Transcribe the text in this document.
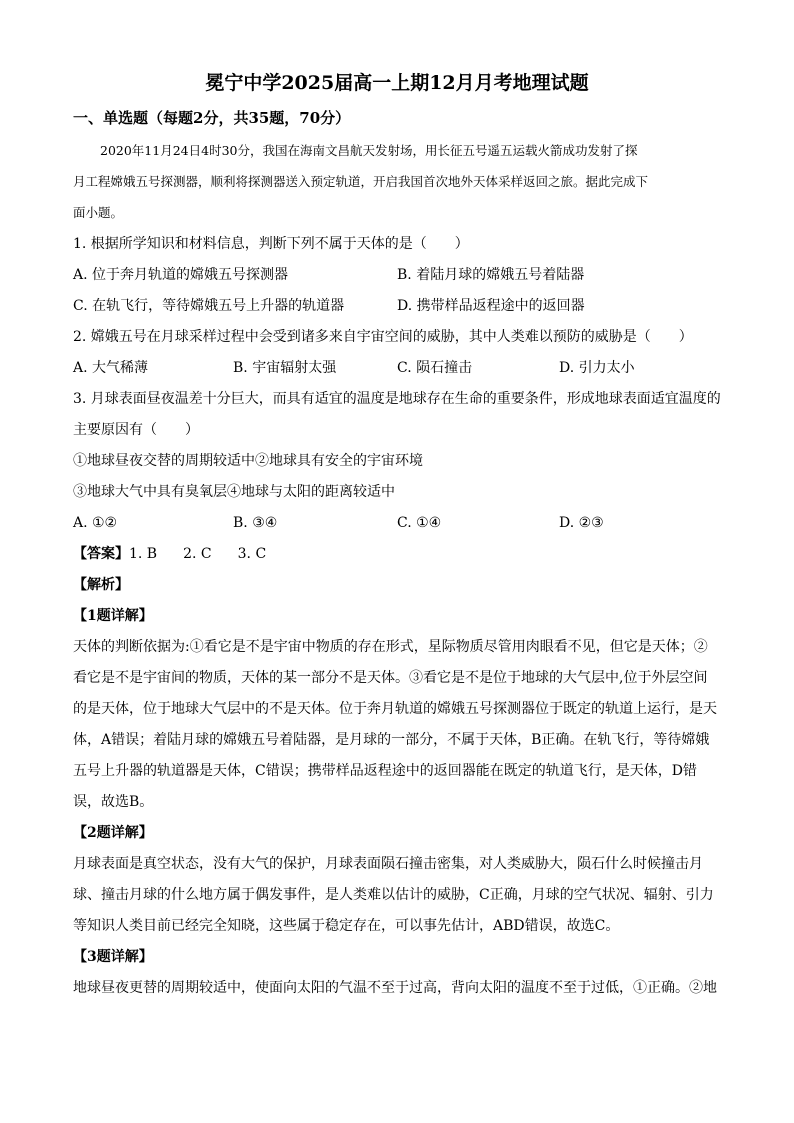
冕宁中学2025届高一上期12月月考地理试题
一、单选题（每题2分，共35题，70分）
2020年11月24日4时30分，我国在海南文昌航天发射场，用长征五号遥五运载火箭成功发射了探
月工程嫦娥五号探测器，顺利将探测器送入预定轨道，开启我国首次地外天体采样返回之旅。据此完成下
面小题。
1. 根据所学知识和材料信息，判断下列不属于天体的是（　　）
A. 位于奔月轨道的嫦娥五号探测器	B. 着陆月球的嫦娥五号着陆器
C. 在轨飞行，等待嫦娥五号上升器的轨道器	D. 携带样品返程途中的返回器
2. 嫦娥五号在月球采样过程中会受到诸多来自宇宙空间的威胁，其中人类难以预防的威胁是（　　）
A. 大气稀薄	B. 宇宙辐射太强	C. 陨石撞击	D. 引力太小
3. 月球表面昼夜温差十分巨大，而具有适宜的温度是地球存在生命的重要条件，形成地球表面适宜温度的
主要原因有（　　）
①地球昼夜交替的周期较适中②地球具有安全的宇宙环境
③地球大气中具有臭氧层④地球与太阳的距离较适中
A. ①②	B. ③④	C. ①④	D. ②③
【答案】1. B 2. C 3. C
【解析】
【1题详解】
天体的判断依据为:①看它是不是宇宙中物质的存在形式，星际物质尽管用肉眼看不见，但它是天体；②
看它是不是宇宙间的物质，天体的某一部分不是天体。③看它是不是位于地球的大气层中,位于外层空间
的是天体，位于地球大气层中的不是天体。位于奔月轨道的嫦娥五号探测器位于既定的轨道上运行，是天
体，A错误；着陆月球的嫦娥五号着陆器，是月球的一部分，不属于天体，B正确。在轨飞行，等待嫦娥
五号上升器的轨道器是天体，C错误；携带样品返程途中的返回器能在既定的轨道飞行，是天体，D错
误，故选B。
【2题详解】
月球表面是真空状态，没有大气的保护，月球表面陨石撞击密集，对人类威胁大，陨石什么时候撞击月
球、撞击月球的什么地方属于偶发事件，是人类难以估计的威胁，C正确，月球的空气状况、辐射、引力
等知识人类目前已经完全知晓，这些属于稳定存在，可以事先估计，ABD错误，故选C。
【3题详解】
地球昼夜更替的周期较适中，使面向太阳的气温不至于过高，背向太阳的温度不至于过低，①正确。②地
